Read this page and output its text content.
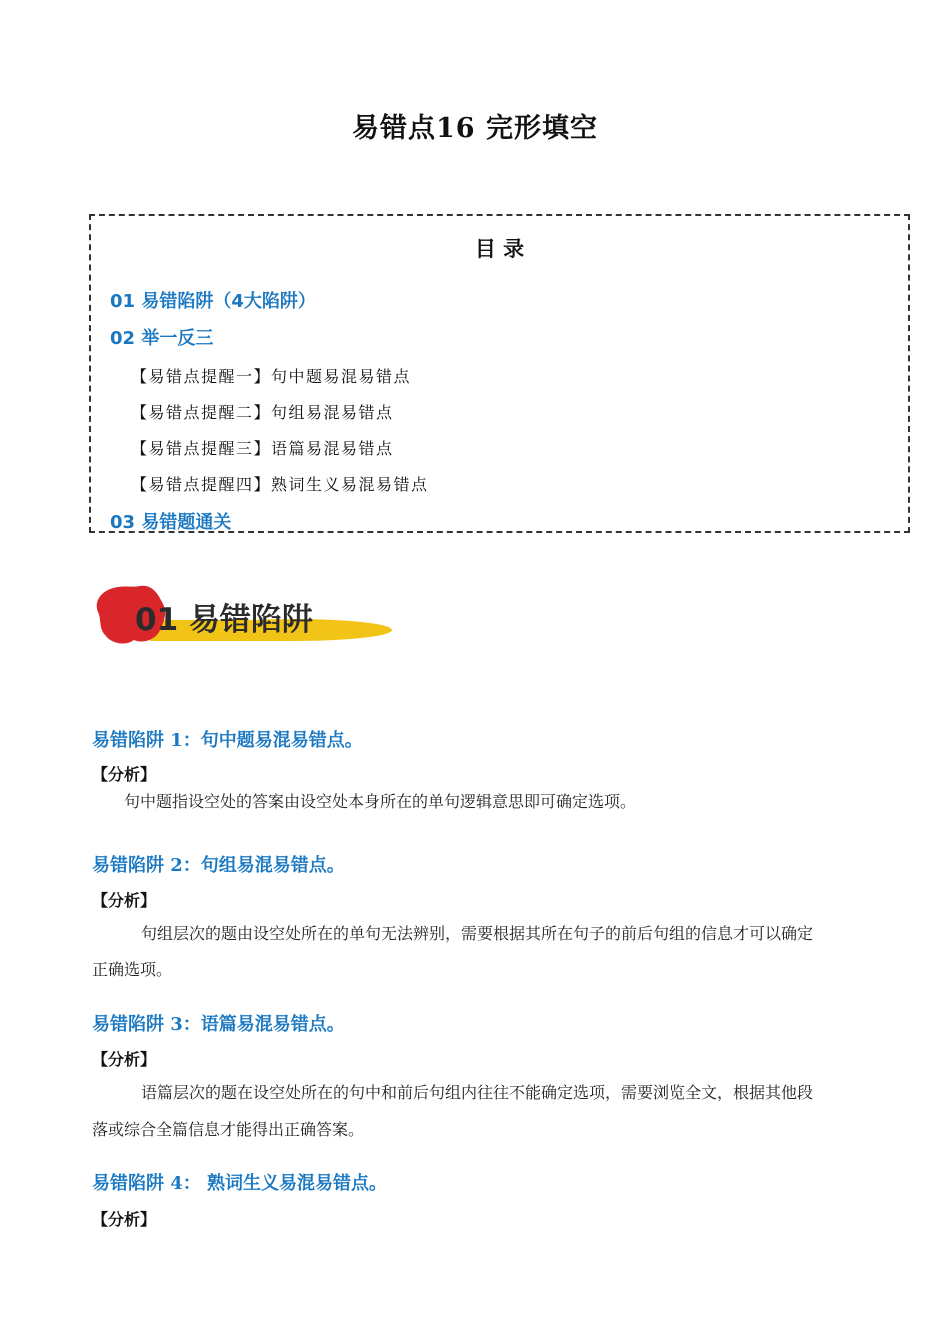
易错点16 完形填空
目 录
01 易错陷阱（4大陷阱）
02 举一反三
【易错点提醒一】句中题易混易错点
【易错点提醒二】句组易混易错点
【易错点提醒三】语篇易混易错点
【易错点提醒四】熟词生义易混易错点
03 易错题通关
01 易错陷阱
易错陷阱 1：句中题易混易错点。
【分析】
句中题指设空处的答案由设空处本身所在的单句逻辑意思即可确定选项。
易错陷阱 2：句组易混易错点。
【分析】
句组层次的题由设空处所在的单句无法辨别，需要根据其所在句子的前后句组的信息才可以确定
正确选项。
易错陷阱 3：语篇易混易错点。
【分析】
语篇层次的题在设空处所在的句中和前后句组内往往不能确定选项，需要浏览全文，根据其他段
落或综合全篇信息才能得出正确答案。
易错陷阱 4： 熟词生义易混易错点。
【分析】
